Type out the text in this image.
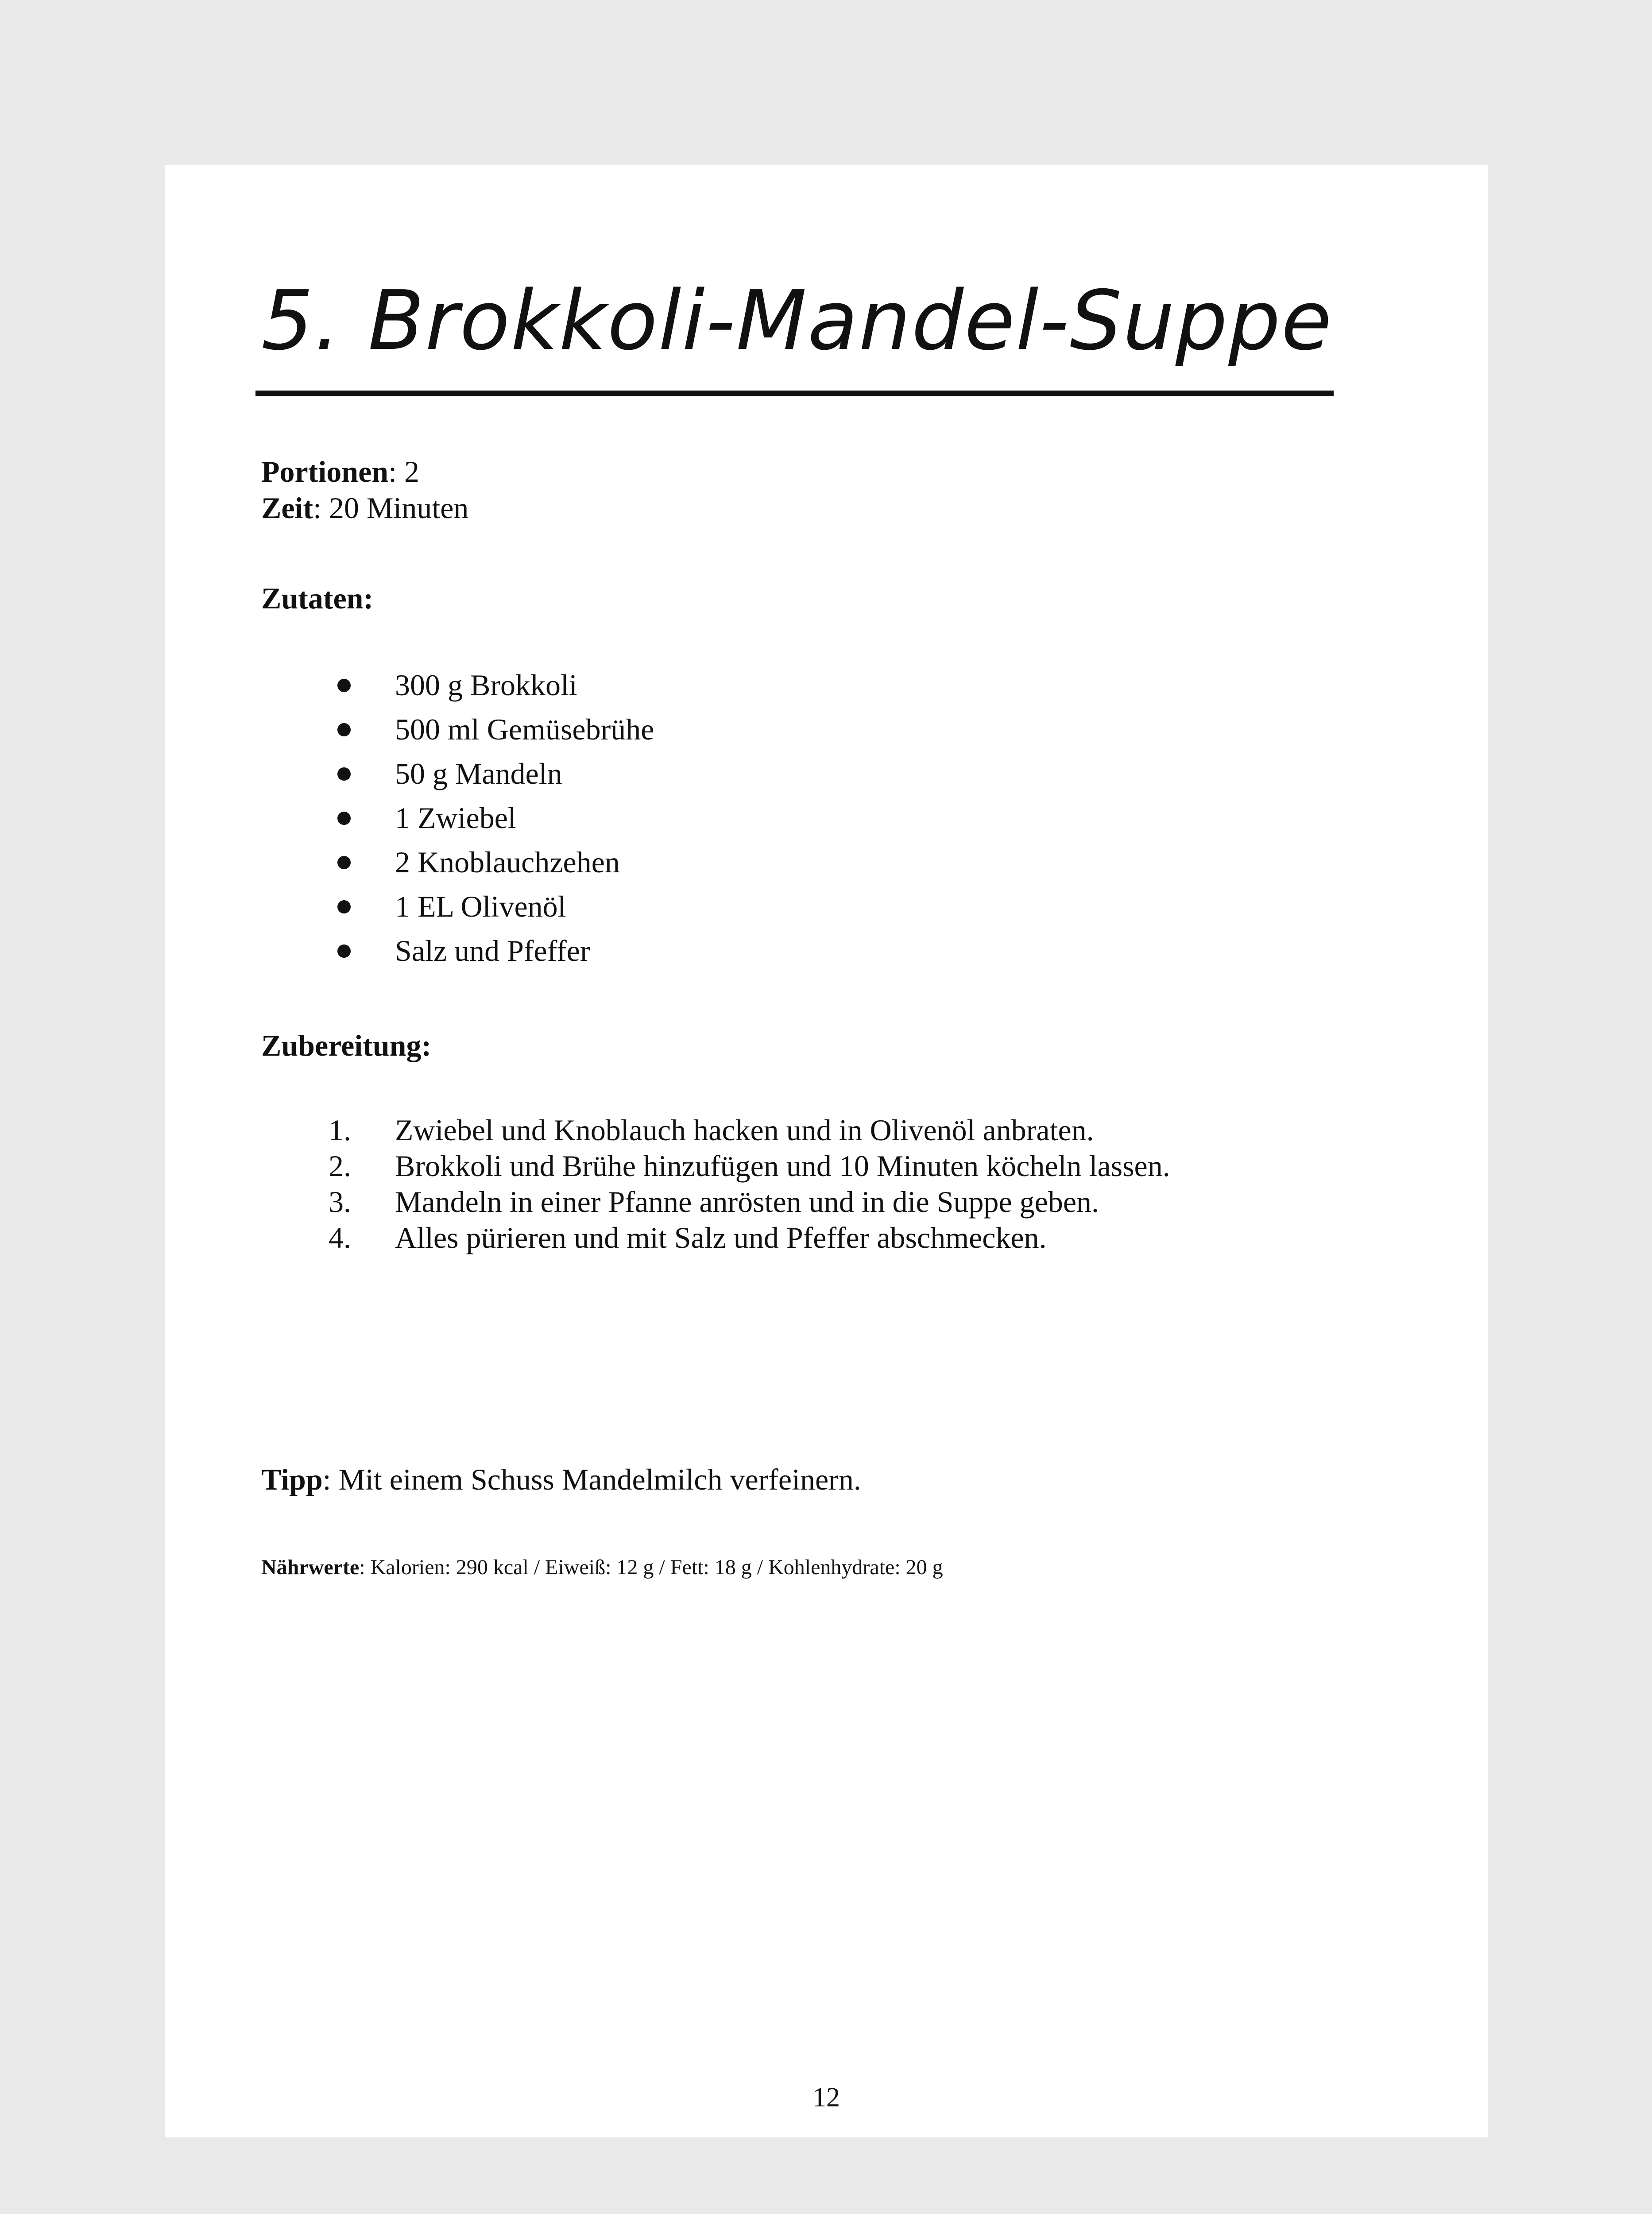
5. Brokkoli-Mandel-Suppe
Portionen: 2
Zeit: 20 Minuten
Zutaten:
300 g Brokkoli
500 ml Gemüsebrühe
50 g Mandeln
1 Zwiebel
2 Knoblauchzehen
1 EL Olivenöl
Salz und Pfeffer
Zubereitung:
1.	Zwiebel und Knoblauch hacken und in Olivenöl anbraten.
2.	Brokkoli und Brühe hinzufügen und 10 Minuten köcheln lassen.
3.	Mandeln in einer Pfanne anrösten und in die Suppe geben.
4.	Alles pürieren und mit Salz und Pfeffer abschmecken.
Tipp: Mit einem Schuss Mandelmilch verfeinern.
Nährwerte: Kalorien: 290 kcal / Eiweiß: 12 g / Fett: 18 g / Kohlenhydrate: 20 g
12
